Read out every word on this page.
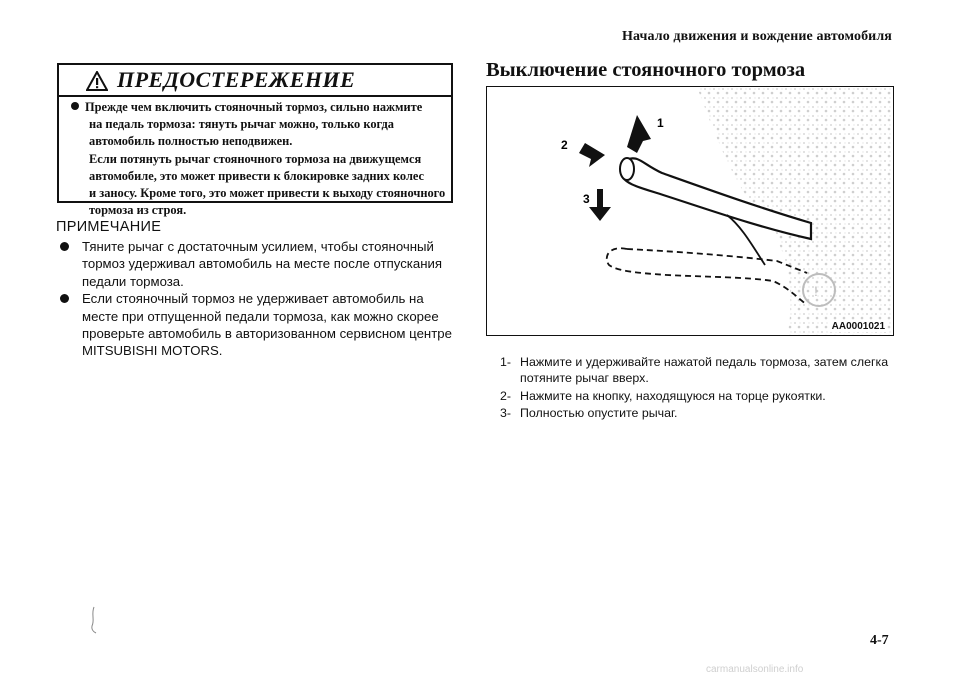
Начало движения и вождение автомобиля
ПРЕДОСТЕРЕЖЕНИЕ

Прежде чем включить стояночный тормоз, сильно нажмите

на педаль тормоза: тянуть рычаг можно, только когда

автомобиль полностью неподвижен.

Если потянуть рычаг стояночного тормоза на движущемся

автомобиле, это может привести к блокировке задних колес

и заносу. Кроме того, это может привести к выходу стояночного

тормоза из строя.

ПРИМЕЧАНИЕ

Тяните рычаг с достаточным усилием, чтобы стояночный тормоз удерживал автомобиль на месте после отпускания педали тормоза.

Если стояночный тормоз не удерживает автомобиль на месте при отпущенной педали тормоза, как можно скорее проверьте автомобиль в авторизованном сервисном центре MITSUBISHI MOTORS.

Выключение стояночного тормоза
!
1
2
3
AA0001021

1- Нажмите и удерживайте нажатой педаль тормоза, затем слегка потяните рычаг вверх.

2- Нажмите на кнопку, находящуюся на торце рукоятки.

3- Полностью опустите рычаг.

4-7
carmanualsonline.info
